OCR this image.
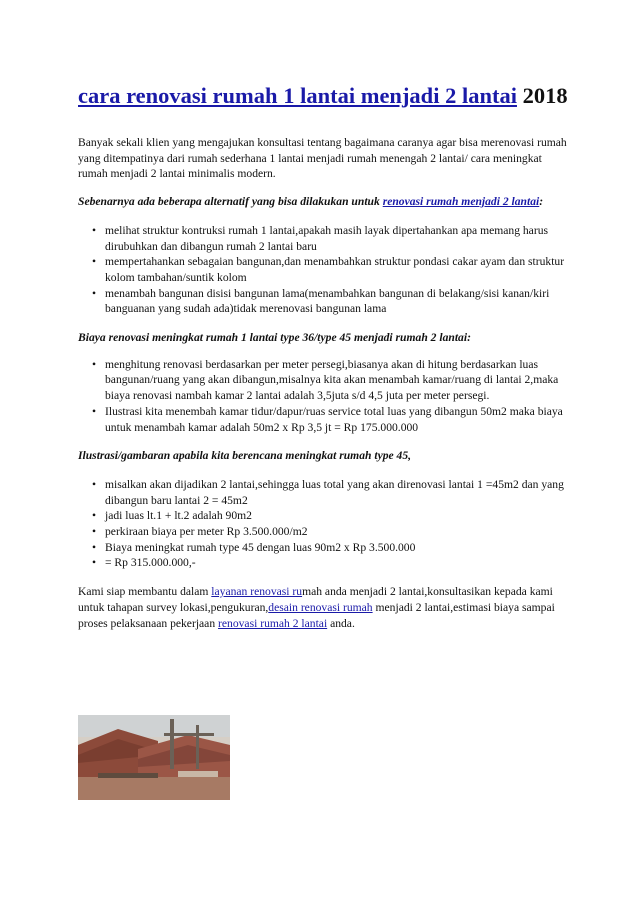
cara renovasi rumah 1 lantai menjadi 2 lantai 2018

Banyak sekali klien yang mengajukan konsultasi tentang bagaimana caranya agar bisa merenovasi rumah yang ditempatinya dari rumah sederhana 1 lantai menjadi rumah menengah 2 lantai/ cara meningkat rumah menjadi 2 lantai minimalis modern.

Sebenarnya ada beberapa alternatif yang bisa dilakukan untuk renovasi rumah menjadi 2 lantai:

• melihat struktur kontruksi rumah 1 lantai,apakah masih layak dipertahankan apa memang harus dirubuhkan dan dibangun rumah 2 lantai baru
• mempertahankan sebagaian bangunan,dan menambahkan struktur pondasi cakar ayam dan struktur kolom tambahan/suntik kolom
• menambah bangunan disisi bangunan lama(menambahkan bangunan di belakang/sisi kanan/kiri banguanan yang sudah ada)tidak merenovasi bangunan lama

Biaya renovasi meningkat rumah 1 lantai type 36/type 45 menjadi rumah 2 lantai:

• menghitung renovasi berdasarkan per meter persegi,biasanya akan di hitung berdasarkan luas bangunan/ruang yang akan dibangun,misalnya kita akan menambah kamar/ruang di lantai 2,maka biaya renovasi nambah kamar 2 lantai adalah 3,5juta s/d 4,5 juta per meter persegi.
• Ilustrasi kita menembah kamar tidur/dapur/ruas service total luas yang dibangun 50m2 maka biaya untuk menambah kamar adalah 50m2 x Rp 3,5 jt = Rp 175.000.000

Ilustrasi/gambaran apabila kita berencana meningkat rumah type 45,

• misalkan akan dijadikan 2 lantai,sehingga luas total yang akan direnovasi lantai 1 =45m2 dan yang dibangun baru lantai 2 = 45m2
• jadi luas lt.1 + lt.2 adalah 90m2
• perkiraan biaya per meter Rp 3.500.000/m2
• Biaya meningkat rumah type 45 dengan luas 90m2 x Rp 3.500.000
• = Rp 315.000.000,-

Kami siap membantu dalam layanan renovasi rumah anda menjadi 2 lantai,konsultasikan kepada kami untuk tahapan survey lokasi,pengukuran,desain renovasi rumah menjadi 2 lantai,estimasi biaya sampai proses pelaksanaan pekerjaan renovasi rumah 2 lantai anda.
